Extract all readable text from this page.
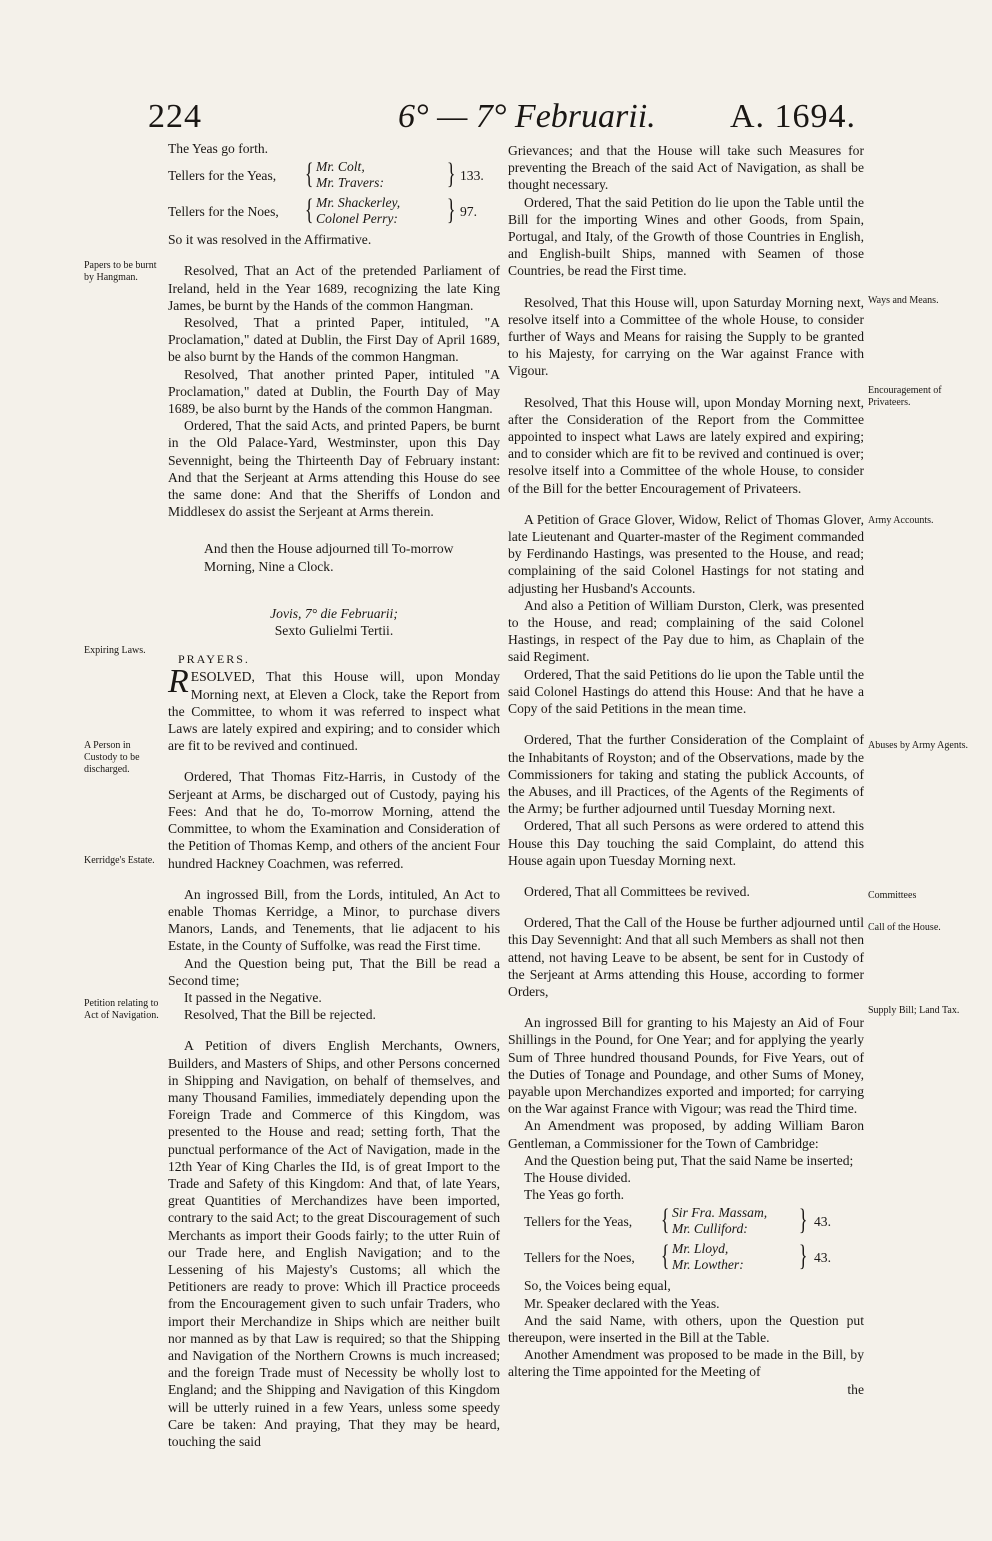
224	6° — 7° Februarii. A. 1694.

The Yeas go forth.

Tellers for the Yeas, { Mr. Colt,
Mr. Travers: } 133.
Tellers for the Noes, { Mr. Shackerley,
Colonel Perry: } 97.

So it was resolved in the Affirmative.

Resolved, That an Act of the pretended Parliament of Ireland, held in the Year 1689, recognizing the late King James, be burnt by the Hands of the common Hangman.

Resolved, That a printed Paper, intituled, "A Proclamation," dated at Dublin, the First Day of April 1689, be also burnt by the Hands of the common Hangman.

Resolved, That another printed Paper, intituled "A Proclamation," dated at Dublin, the Fourth Day of May 1689, be also burnt by the Hands of the common Hangman.

Ordered, That the said Acts, and printed Papers, be burnt in the Old Palace-Yard, Westminster, upon this Day Sevennight, being the Thirteenth Day of February instant: And that the Serjeant at Arms attending this House do see the same done: And that the Sheriffs of London and Middlesex do assist the Serjeant at Arms therein.

And then the House adjourned till To-morrow Morning, Nine a Clock.

Jovis, 7° die Februarii;
Sexto Gulielmi Tertii.
PRAYERS.

R ESOLVED, That this House will, upon Monday Morning next, at Eleven a Clock, take the Report from the Committee, to whom it was referred to inspect what Laws are lately expired and expiring; and to consider which are fit to be revived and continued.

Ordered, That Thomas Fitz-Harris, in Custody of the Serjeant at Arms, be discharged out of Custody, paying his Fees: And that he do, To-morrow Morning, attend the Committee, to whom the Examination and Consideration of the Petition of Thomas Kemp, and others of the ancient Four hundred Hackney Coachmen, was referred.

An ingrossed Bill, from the Lords, intituled, An Act to enable Thomas Kerridge, a Minor, to purchase divers Manors, Lands, and Tenements, that lie adjacent to his Estate, in the County of Suffolke, was read the First time.

And the Question being put, That the Bill be read a Second time;

It passed in the Negative.

Resolved, That the Bill be rejected.

A Petition of divers English Merchants, Owners, Builders, and Masters of Ships, and other Persons concerned in Shipping and Navigation, on behalf of themselves, and many Thousand Families, immediately depending upon the Foreign Trade and Commerce of this Kingdom, was presented to the House and read; setting forth, That the punctual performance of the Act of Navigation, made in the 12th Year of King Charles the IId, is of great Import to the Trade and Safety of this Kingdom: And that, of late Years, great Quantities of Merchandizes have been imported, contrary to the said Act; to the great Discouragement of such Merchants as import their Goods fairly; to the utter Ruin of our Trade here, and English Navigation; and to the Lessening of his Majesty's Customs; all which the Petitioners are ready to prove: Which ill Practice proceeds from the Encouragement given to such unfair Traders, who import their Merchandize in Ships which are neither built nor manned as by that Law is required; so that the Shipping and Navigation of the Northern Crowns is much increased; and the foreign Trade must of Necessity be wholly lost to England; and the Shipping and Navigation of this Kingdom will be utterly ruined in a few Years, unless some speedy Care be taken: And praying, That they may be heard, touching the said

Grievances; and that the House will take such Measures for preventing the Breach of the said Act of Navigation, as shall be thought necessary.

Ordered, That the said Petition do lie upon the Table until the Bill for the importing Wines and other Goods, from Spain, Portugal, and Italy, of the Growth of those Countries in English, and English-built Ships, manned with Seamen of those Countries, be read the First time.

Resolved, That this House will, upon Saturday Morning next, resolve itself into a Committee of the whole House, to consider further of Ways and Means for raising the Supply to be granted to his Majesty, for carrying on the War against France with Vigour.

Resolved, That this House will, upon Monday Morning next, after the Consideration of the Report from the Committee appointed to inspect what Laws are lately expired and expiring; and to consider which are fit to be revived and continued is over; resolve itself into a Committee of the whole House, to consider of the Bill for the better Encouragement of Privateers.

A Petition of Grace Glover, Widow, Relict of Thomas Glover, late Lieutenant and Quarter-master of the Regiment commanded by Ferdinando Hastings, was presented to the House, and read; complaining of the said Colonel Hastings for not stating and adjusting her Husband's Accounts.

And also a Petition of William Durston, Clerk, was presented to the House, and read; complaining of the said Colonel Hastings, in respect of the Pay due to him, as Chaplain of the said Regiment.

Ordered, That the said Petitions do lie upon the Table until the said Colonel Hastings do attend this House: And that he have a Copy of the said Petitions in the mean time.

Ordered, That the further Consideration of the Complaint of the Inhabitants of Royston; and of the Observations, made by the Commissioners for taking and stating the publick Accounts, of the Abuses, and ill Practices, of the Agents of the Regiments of the Army; be further adjourned until Tuesday Morning next.

Ordered, That all such Persons as were ordered to attend this House this Day touching the said Complaint, do attend this House again upon Tuesday Morning next.

Ordered, That all Committees be revived.

Ordered, That the Call of the House be further adjourned until this Day Sevennight: And that all such Members as shall not then attend, not having Leave to be absent, be sent for in Custody of the Serjeant at Arms attending this House, according to former Orders,

An ingrossed Bill for granting to his Majesty an Aid of Four Shillings in the Pound, for One Year; and for applying the yearly Sum of Three hundred thousand Pounds, for Five Years, out of the Duties of Tonage and Poundage, and other Sums of Money, payable upon Merchandizes exported and imported; for carrying on the War against France with Vigour; was read the Third time.

An Amendment was proposed, by adding William Baron Gentleman, a Commissioner for the Town of Cambridge:

And the Question being put, That the said Name be inserted;

The House divided.

The Yeas go forth.

Tellers for the Yeas, { Sir Fra. Massam,
Mr. Culliford:	} 43.
Tellers for the Noes, { Mr. Lloyd,
Mr. Lowther: } 43.

So, the Voices being equal,

Mr. Speaker declared with the Yeas.

And the said Name, with others, upon the Question put thereupon, were inserted in the Bill at the Table.

Another Amendment was proposed to be made in the Bill, by altering the Time appointed for the Meeting of

the
Papers to be burnt by Hangman.
Expiring Laws.
A Person in Custody to be discharged.
Kerridge's Estate.
Petition relating to Act of Navigation.
Ways and Means.
Encouragement of Privateers.
Army Accounts.
Abuses by Army Agents.
Committees
Call of the House.
Supply Bill; Land Tax.
